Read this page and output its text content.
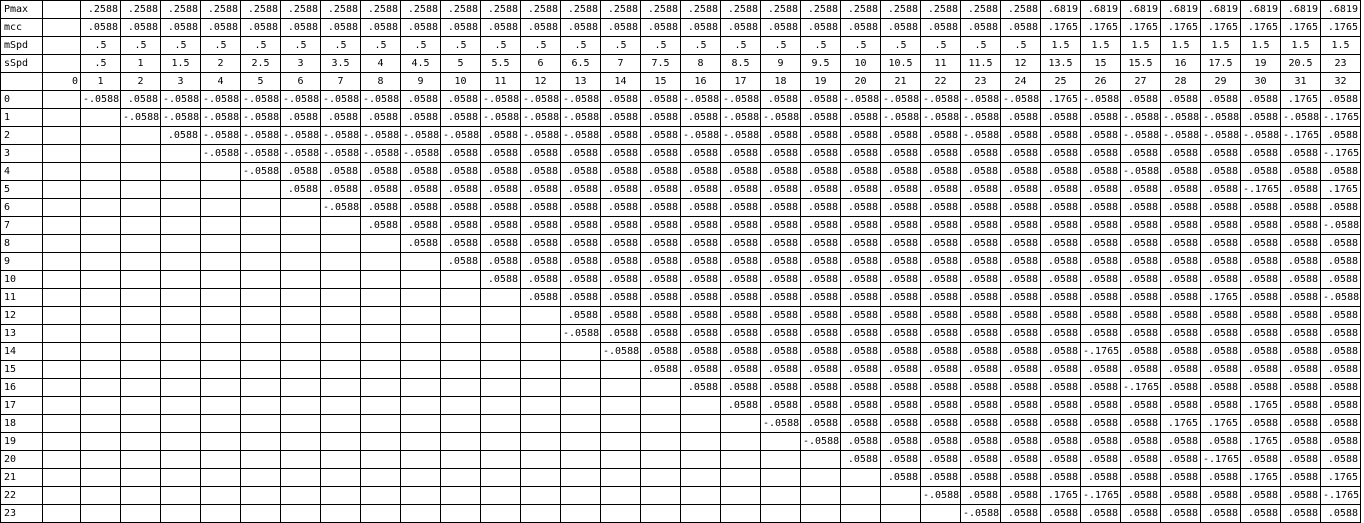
Pmax		.2588	.2588	.2588	.2588	.2588	.2588	.2588	.2588	.2588	.2588	.2588	.2588	.2588	.2588	.2588	.2588	.2588	.2588	.2588	.2588	.2588	.2588	.2588	.2588	.6819	.6819	.6819	.6819	.6819	.6819	.6819	.6819
mcc		.0588	.0588	.0588	.0588	.0588	.0588	.0588	.0588	.0588	.0588	.0588	.0588	.0588	.0588	.0588	.0588	.0588	.0588	.0588	.0588	.0588	.0588	.0588	.0588	.1765	.1765	.1765	.1765	.1765	.1765	.1765	.1765
mSpd		.5	.5	.5	.5	.5	.5	.5	.5	.5	.5	.5	.5	.5	.5	.5	.5	.5	.5	.5	.5	.5	.5	.5	.5	1.5	1.5	1.5	1.5	1.5	1.5	1.5	1.5
sSpd		.5	1	1.5	2	2.5	3	3.5	4	4.5	5	5.5	6	6.5	7	7.5	8	8.5	9	9.5	10	10.5	11	11.5	12	13.5	15	15.5	16	17.5	19	20.5	23
	0	1	2	3	4	5	6	7	8	9	10	11	12	13	14	15	16	17	18	19	20	21	22	23	24	25	26	27	28	29	30	31	32
0		-.0588	.0588	-.0588	-.0588	-.0588	-.0588	-.0588	-.0588	.0588	.0588	-.0588	-.0588	-.0588	.0588	.0588	-.0588	-.0588	.0588	.0588	-.0588	-.0588	-.0588	-.0588	-.0588	.1765	-.0588	.0588	.0588	.0588	.0588	.1765	.0588
1			-.0588	-.0588	-.0588	-.0588	.0588	.0588	.0588	.0588	.0588	-.0588	-.0588	-.0588	.0588	.0588	.0588	-.0588	-.0588	.0588	.0588	-.0588	-.0588	-.0588	.0588	.0588	.0588	-.0588	-.0588	-.0588	.0588	-.0588	-.1765
2				.0588	-.0588	-.0588	-.0588	-.0588	-.0588	-.0588	-.0588	.0588	-.0588	-.0588	.0588	.0588	-.0588	-.0588	.0588	.0588	.0588	.0588	.0588	-.0588	.0588	.0588	.0588	-.0588	-.0588	-.0588	-.0588	-.1765	.0588
3					-.0588	-.0588	-.0588	-.0588	-.0588	-.0588	.0588	.0588	.0588	.0588	.0588	.0588	.0588	.0588	.0588	.0588	.0588	.0588	.0588	.0588	.0588	.0588	.0588	.0588	.0588	.0588	.0588	.0588	-.1765
4						-.0588	.0588	.0588	.0588	.0588	.0588	.0588	.0588	.0588	.0588	.0588	.0588	.0588	.0588	.0588	.0588	.0588	.0588	.0588	.0588	.0588	.0588	-.0588	.0588	.0588	.0588	.0588	.0588
5							.0588	.0588	.0588	.0588	.0588	.0588	.0588	.0588	.0588	.0588	.0588	.0588	.0588	.0588	.0588	.0588	.0588	.0588	.0588	.0588	.0588	.0588	.0588	.0588	-.1765	.0588	.1765
6								-.0588	.0588	.0588	.0588	.0588	.0588	.0588	.0588	.0588	.0588	.0588	.0588	.0588	.0588	.0588	.0588	.0588	.0588	.0588	.0588	.0588	.0588	.0588	.0588	.0588	.0588
7									.0588	.0588	.0588	.0588	.0588	.0588	.0588	.0588	.0588	.0588	.0588	.0588	.0588	.0588	.0588	.0588	.0588	.0588	.0588	.0588	.0588	.0588	.0588	.0588	-.0588
8										.0588	.0588	.0588	.0588	.0588	.0588	.0588	.0588	.0588	.0588	.0588	.0588	.0588	.0588	.0588	.0588	.0588	.0588	.0588	.0588	.0588	.0588	.0588	.0588
9											.0588	.0588	.0588	.0588	.0588	.0588	.0588	.0588	.0588	.0588	.0588	.0588	.0588	.0588	.0588	.0588	.0588	.0588	.0588	.0588	.0588	.0588	.0588
10												.0588	.0588	.0588	.0588	.0588	.0588	.0588	.0588	.0588	.0588	.0588	.0588	.0588	.0588	.0588	.0588	.0588	.0588	.0588	.0588	.0588	.0588
11													.0588	.0588	.0588	.0588	.0588	.0588	.0588	.0588	.0588	.0588	.0588	.0588	.0588	.0588	.0588	.0588	.0588	.1765	.0588	.0588	-.0588
12														.0588	.0588	.0588	.0588	.0588	.0588	.0588	.0588	.0588	.0588	.0588	.0588	.0588	.0588	.0588	.0588	.0588	.0588	.0588	.0588
13														-.0588	.0588	.0588	.0588	.0588	.0588	.0588	.0588	.0588	.0588	.0588	.0588	.0588	.0588	.0588	.0588	.0588	.0588	.0588	.0588
14															-.0588	.0588	.0588	.0588	.0588	.0588	.0588	.0588	.0588	.0588	.0588	.0588	-.1765	.0588	.0588	.0588	.0588	.0588	.0588
15																.0588	.0588	.0588	.0588	.0588	.0588	.0588	.0588	.0588	.0588	.0588	.0588	.0588	.0588	.0588	.0588	.0588	.0588
16																	.0588	.0588	.0588	.0588	.0588	.0588	.0588	.0588	.0588	.0588	.0588	-.1765	.0588	.0588	.0588	.0588	.0588
17																		.0588	.0588	.0588	.0588	.0588	.0588	.0588	.0588	.0588	.0588	.0588	.0588	.0588	.1765	.0588	.0588
18																			-.0588	.0588	.0588	.0588	.0588	.0588	.0588	.0588	.0588	.0588	.1765	.1765	.0588	.0588	.0588
19																				-.0588	.0588	.0588	.0588	.0588	.0588	.0588	.0588	.0588	.0588	.0588	.1765	.0588	.0588
20																					.0588	.0588	.0588	.0588	.0588	.0588	.0588	.0588	.0588	-.1765	.0588	.0588	.0588
21																						.0588	.0588	.0588	.0588	.0588	.0588	.0588	.0588	.0588	.1765	.0588	.1765
22																							-.0588	.0588	.0588	.1765	-.1765	.0588	.0588	.0588	.0588	.0588	-.1765
23																								-.0588	.0588	.0588	.0588	.0588	.0588	.0588	.0588	.0588	.0588
